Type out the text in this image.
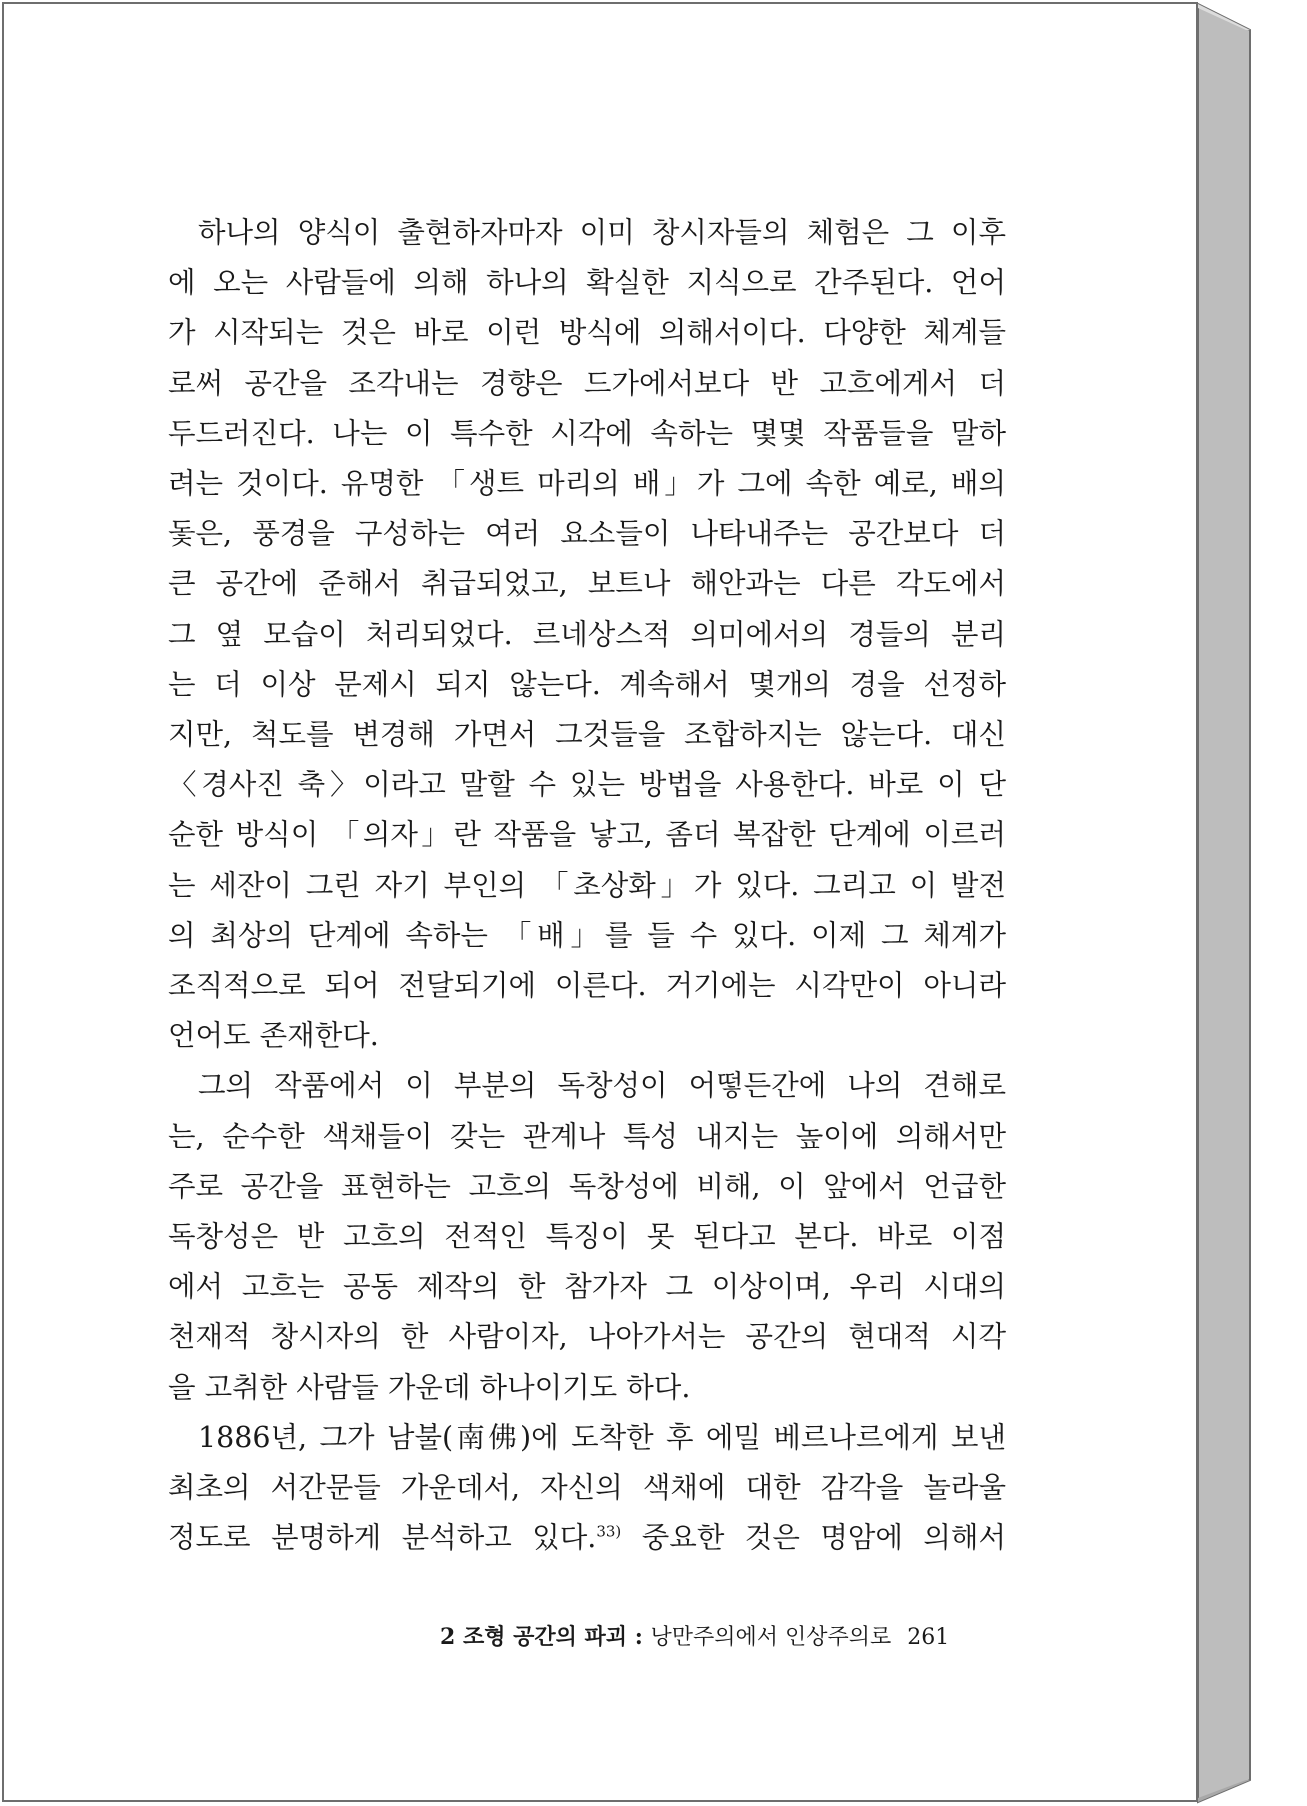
하나의 양식이 출현하자마자 이미 창시자들의 체험은 그 이후
에 오는 사람들에 의해 하나의 확실한 지식으로 간주된다. 언어
가 시작되는 것은 바로 이런 방식에 의해서이다. 다양한 체계들
로써 공간을 조각내는 경향은 드가에서보다 반 고흐에게서 더
두드러진다. 나는 이 특수한 시각에 속하는 몇몇 작품들을 말하
려는 것이다. 유명한 「생트 마리의 배」가 그에 속한 예로, 배의
돛은, 풍경을 구성하는 여러 요소들이 나타내주는 공간보다 더
큰 공간에 준해서 취급되었고, 보트나 해안과는 다른 각도에서
그 옆 모습이 처리되었다. 르네상스적 의미에서의 경들의 분리
는 더 이상 문제시 되지 않는다. 계속해서 몇개의 경을 선정하
지만, 척도를 변경해 가면서 그것들을 조합하지는 않는다. 대신
〈경사진 축〉이라고 말할 수 있는 방법을 사용한다. 바로 이 단
순한 방식이 「의자」란 작품을 낳고, 좀더 복잡한 단계에 이르러
는 세잔이 그린 자기 부인의 「초상화」가 있다. 그리고 이 발전
의 최상의 단계에 속하는 「배」를 들 수 있다. 이제 그 체계가
조직적으로 되어 전달되기에 이른다. 거기에는 시각만이 아니라
언어도 존재한다.
그의 작품에서 이 부분의 독창성이 어떻든간에 나의 견해로
는, 순수한 색채들이 갖는 관계나 특성 내지는 높이에 의해서만
주로 공간을 표현하는 고흐의 독창성에 비해, 이 앞에서 언급한
독창성은 반 고흐의 전적인 특징이 못 된다고 본다. 바로 이점
에서 고흐는 공동 제작의 한 참가자 그 이상이며, 우리 시대의
천재적 창시자의 한 사람이자, 나아가서는 공간의 현대적 시각
을 고취한 사람들 가운데 하나이기도 하다.
1886년, 그가 남불(南佛)에 도착한 후 에밀 베르나르에게 보낸
최초의 서간문들 가운데서, 자신의 색채에 대한 감각을 놀라울
정도로 분명하게 분석하고 있다.$^{33)}$ 중요한 것은 명암에 의해서
2 조형 공간의 파괴 : 낭만주의에서 인상주의로 261
